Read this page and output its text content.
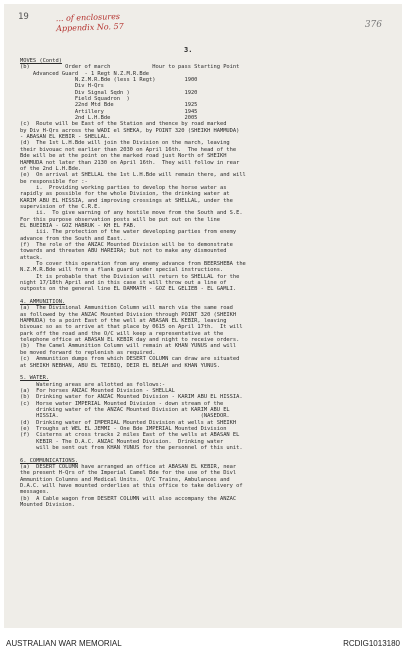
19	... of enclosures
Appendix No. 57	376
3.
MOVES (Contd)
(b)           Order of march             Hour to pass Starting Point
Advanced Guard  - 1 Regt N.Z.M.R.Bde
N.Z.M.R.Bde (less 1 Regt)         1900
Div H-Qrs
Div Signal Sqdn )                 1920
Field Squadron  )
22nd Mtd Bde                      1925
Artillery                         1945
2nd L.H.Bde                       2005
(c)  Route will be East of the Station and thence by road marked
by Div H-Qrs across the WADI el SHEKA, by POINT 320 (SHEIKH HAMMUDA)
- ABASAN EL KEBIR - SHELLAL.
(d)  The 1st L.H.Bde will join the Division on the march, leaving
their bivouac not earlier than 2030 on April 16th.  The head of the
Bde will be at the point on the marked road just North of SHEIKH
HAMMUDA not later than 2130 on April 16th.  They will follow in rear
of the 2nd L.H.Bde.
(e)  On arrival at SHELLAL the 1st L.H.Bde will remain there, and will
be responsible for :-
i.  Providing working parties to develop the horse water as
rapidly as possible for the whole Division, the drinking water at
KARIM ABU EL HISSIA, and improving crossings at SHELLAL, under the
supervision of the C.R.E.
ii.  To give warning of any hostile move from the South and S.E.
For this purpose observation posts will be put out on the line
EL BUEIBIA - GOZ HABRUK - KH EL FAB.
iii. The protection of the water developing parties from enemy
advance from the South and East..
(f)  The role of the ANZAC Mounted Division will be to demonstrate
towards and threaten ABU HAREIRA; but not to make any dismounted
attack.
To cover this operation from any enemy advance from BEERSHEBA the
N.Z.M.R.Bde will form a flank guard under special instructions.
It is probable that the Division will return to SHELLAL for the
night 17/18th April and in this case it will throw out a line of
outposts on the general line EL DAMMATH - GOZ EL GELIEB - EL GAMLI.
4. AMMUNITION.
(a)  The Divisional Ammunition Column will march via the same road
as followed by the ANZAC Mounted Division through POINT 320 (SHEIKH
HAMMUDA) to a point East of the well at ABASAN EL KEBIR, leaving
bivouac so as to arrive at that place by 0615 on April 17th.  It will
park off the road and the O/C will keep a representative at the
telephone office at ABASAN EL KEBIR day and night to receive orders.
(b)  The Camel Ammunition Column will remain at KHAN YUNUS and will
be moved forward to replenish as required.
(c)  Ammunition dumps from which DESERT COLUMN can draw are situated
at SHEIKH NEBHAN, ABU EL TEIBIQ, DEIR EL BELAH and KHAN YUNUS.
5. WATER.
Watering areas are allotted as follows:-
(a)  For horses ANZAC Mounted Division - SHELLAL
(b)  Drinking water for ANZAC Mounted Division - KARIM ABU EL HISSIA.
(c)  Horse water IMPERIAL Mounted Division - down stream of the
drinking water of the ANZAC Mounted Division at KARIM ABU EL
HISSIA.                                            (NASEDOR.
(d)  Drinking water of IMPERIAL Mounted Division at wells at SHEIKH
(e)  Troughs at WEL EL JEMMI - One Bde IMPERIAL Mounted Division
(f)  Cisterns at cross tracks 2 miles East of the wells at ABASAN EL
KEBIR - The D.A.C. ANZAC Mounted Division.  Drinking water
will be sent out from KHAN YUNUS for the personnel of this unit.
6. COMMUNICATIONS.
(a)  DESERT COLUMN have arranged an office at ABASAN EL KEBIR, near
the present H-Qrs of the Imperial Camel Bde for the use of the Divl
Ammunition Columns and Medical Units.  O/C Trains, Ambulances and
D.A.C. will have mounted orderlies at this office to take delivery of
messages.
(b)  A Cable wagon from DESERT COLUMN will also accompany the ANZAC
Mounted Division.
AUSTRALIAN WAR MEMORIAL	RCDIG1013180
